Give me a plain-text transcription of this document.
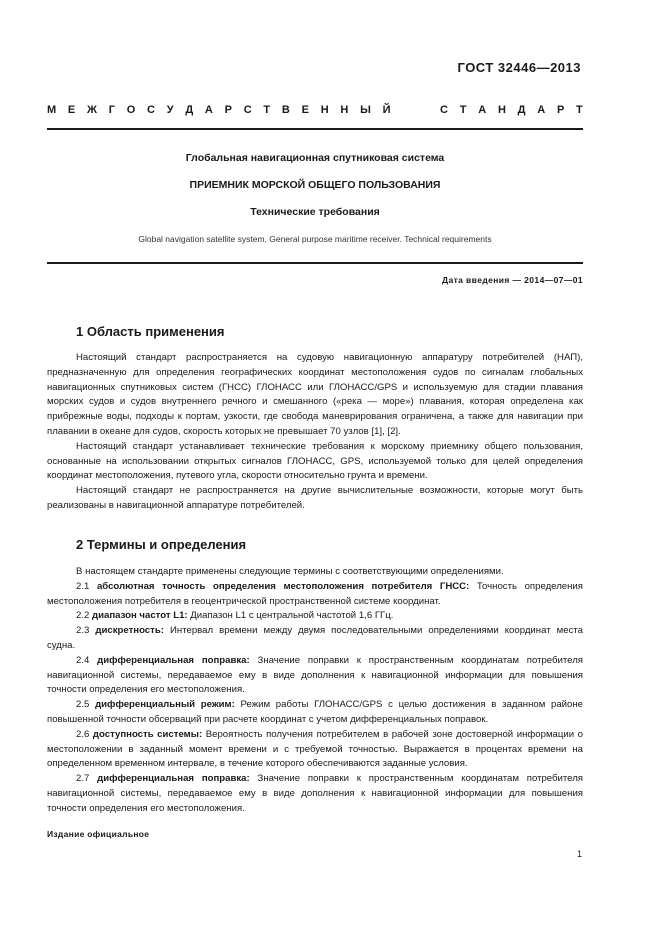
ГОСТ 32446—2013
М Е Ж Г О С У Д А Р С Т В Е Н Н Ы Й	С Т А Н Д А Р Т
Глобальная навигационная спутниковая система
ПРИЕМНИК МОРСКОЙ ОБЩЕГО ПОЛЬЗОВАНИЯ
Технические требования
Global navigation satellite system. General purpose maritime receiver. Technical requirements
Дата введения — 2014—07—01
1 Область применения

Настоящий стандарт распространяется на судовую навигационную аппаратуру потребителей (НАП), предназначенную для определения географических координат местоположения судов по сигналам глобальных навигационных спутниковых систем (ГНСС) ГЛОНАСС или ГЛОНАСС/GPS и используемую для стадии плавания морских судов и судов внутреннего речного и смешанного («река — море») плавания, которая определена как прибрежные воды, подходы к портам, узкости, где свобода маневрирования ограничена, а также для навигации при плавании в океане для судов, скорость которых не превышает 70 узлов [1], [2].

Настоящий стандарт устанавливает технические требования к морскому приемнику общего пользования, основанные на использовании открытых сигналов ГЛОНАСС, GPS, используемой только для целей определения координат местоположения, путевого угла, скорости относительно грунта и времени.

Настоящий стандарт не распространяется на другие вычислительные возможности, которые могут быть реализованы в навигационной аппаратуре потребителей.

2 Термины и определения

В настоящем стандарте применены следующие термины с соответствующими определениями.

2.1 абсолютная точность определения местоположения потребителя ГНСС: Точность определения местоположения потребителя в геоцентрической пространственной системе координат.

2.2 диапазон частот L1: Диапазон L1 с центральной частотой 1,6 ГГц.

2.3 дискретность: Интервал времени между двумя последовательными определениями координат места судна.

2.4 дифференциальная поправка: Значение поправки к пространственным координатам потребителя навигационной системы, передаваемое ему в виде дополнения к навигационной информации для повышения точности определения его местоположения.

2.5 дифференциальный режим: Режим работы ГЛОНАСС/GPS с целью достижения в заданном районе повышенной точности обсерваций при расчете координат с учетом дифференциальных поправок.

2.6 доступность системы: Вероятность получения потребителем в рабочей зоне достоверной информации о местоположении в заданный момент времени и с требуемой точностью. Выражается в процентах времени на определенном временном интервале, в течение которого обеспечиваются заданные условия.

2.7 дифференциальная поправка: Значение поправки к пространственным координатам потребителя навигационной системы, передаваемое ему в виде дополнения к навигационной информации для повышения точности определения его местоположения.

Издание официальное
1
